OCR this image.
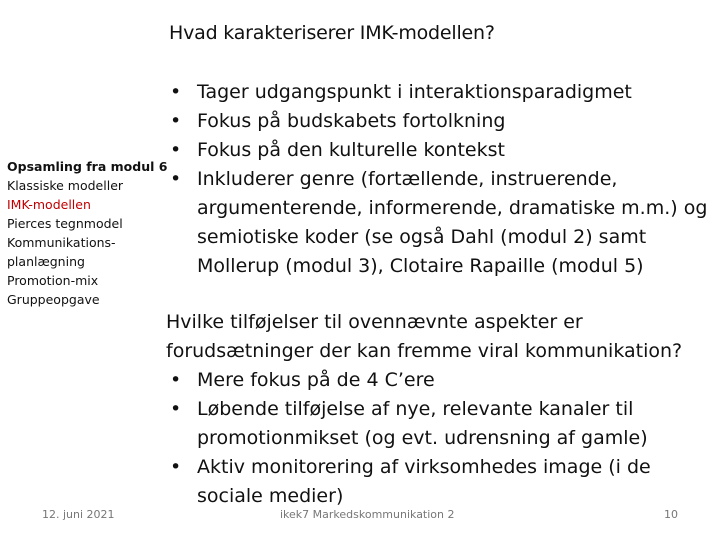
Hvad karakteriserer IMK-modellen?
Opsamling fra modul 6
Klassiske modeller
IMK-modellen
Pierces tegnmodel
Kommunikations-
planlægning
Promotion-mix
Gruppeopgave
• Tager udgangspunkt i interaktionsparadigmet
• Fokus på budskabets fortolkning
• Fokus på den kulturelle kontekst
• Inkluderer genre (fortællende, instruerende, argumenterende, informerende, dramatiske m.m.) og semiotiske koder (se også Dahl (modul 2) samt Mollerup (modul 3), Clotaire Rapaille (modul 5)
Hvilke tilføjelser til ovennævnte aspekter er forudsætninger der kan fremme viral kommunikation?
• Mere fokus på de 4 C’ere
• Løbende tilføjelse af nye, relevante kanaler til promotionmikset (og evt. udrensning af gamle)
• Aktiv monitorering af virksomhedes image (i de sociale medier)
12. juni 2021	ikek7 Markedskommunikation 2	10
